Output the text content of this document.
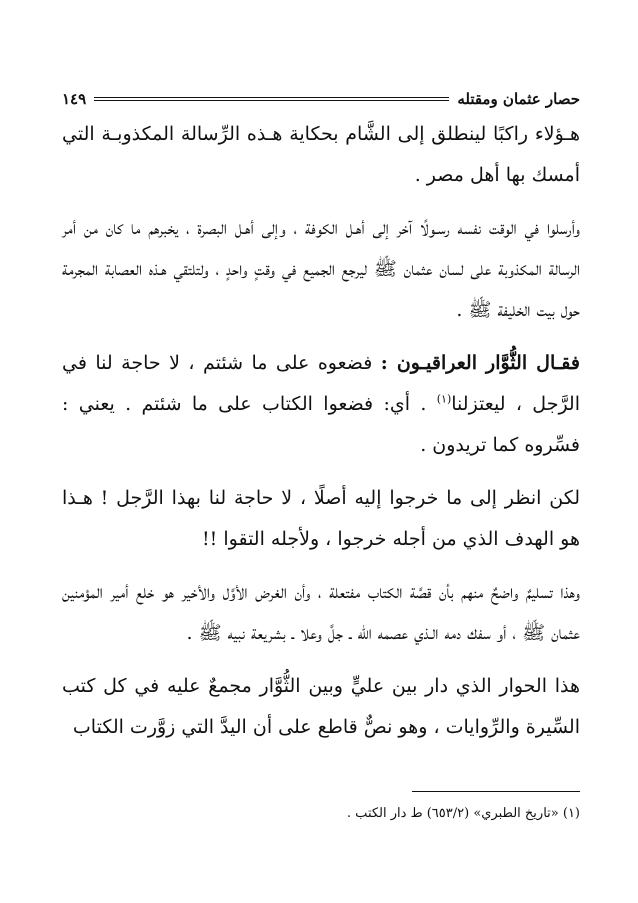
حصار عثمان ومقتله
١٤٩

هـؤلاء راكبًا لينطلق إلى الشَّام بحكاية هـذه الرِّسالة المكذوبـة التي أمسك بها أهل مصر .

وأرسلوا في الوقت نفسه رسـولًا آخر إلى أهـل الكوفة ، وإلى أهـل البصرة ، يخبرهم ما كان من أمر الرسالة المكذوبة على لسان عثمان ﷺ ليرجع الجميع في وقتٍ واحدٍ ، ولتلتقي هـذه العصابة المجرمة حول بيت الخليفة ﷺ .

فقـال الثُّوَّار العراقيـون : فضعوه على ما شئتم ، لا حاجة لنا في الرَّجل ، ليعتزلنا$^{(١)}$ . أي: فضعوا الكتاب على ما شئتم . يعني : فسِّروه كما تريدون .

لكن انظر إلى ما خرجوا إليه أصلًا ، لا حاجة لنا بهذا الرَّجل ! هـذا هو الهدف الذي من أجله خرجوا ، ولأجله التقوا !!

وهذا تسليمٌ واضحٌ منهم بأن قصَّة الكتاب مفتعلة ، وأن الغرض الأوَّل والأخير هو خلع أمير المؤمنين عثمان ﷺ ، أو سفك دمه الـذي عصمه الله ـ جلَّ وعلا ـ بشريعة نبيه ﷺ .

هذا الحوار الذي دار بين عليٍّ وبين الثُّوَّار مجمعٌ عليه في كل كتب السِّيرة والرِّوايات ، وهو نصٌّ قاطع على أن اليدَّ التي زوَّرت الكتاب

(١) «تاريخ الطبري» (٦٥٣/٢) ط دار الكتب .
